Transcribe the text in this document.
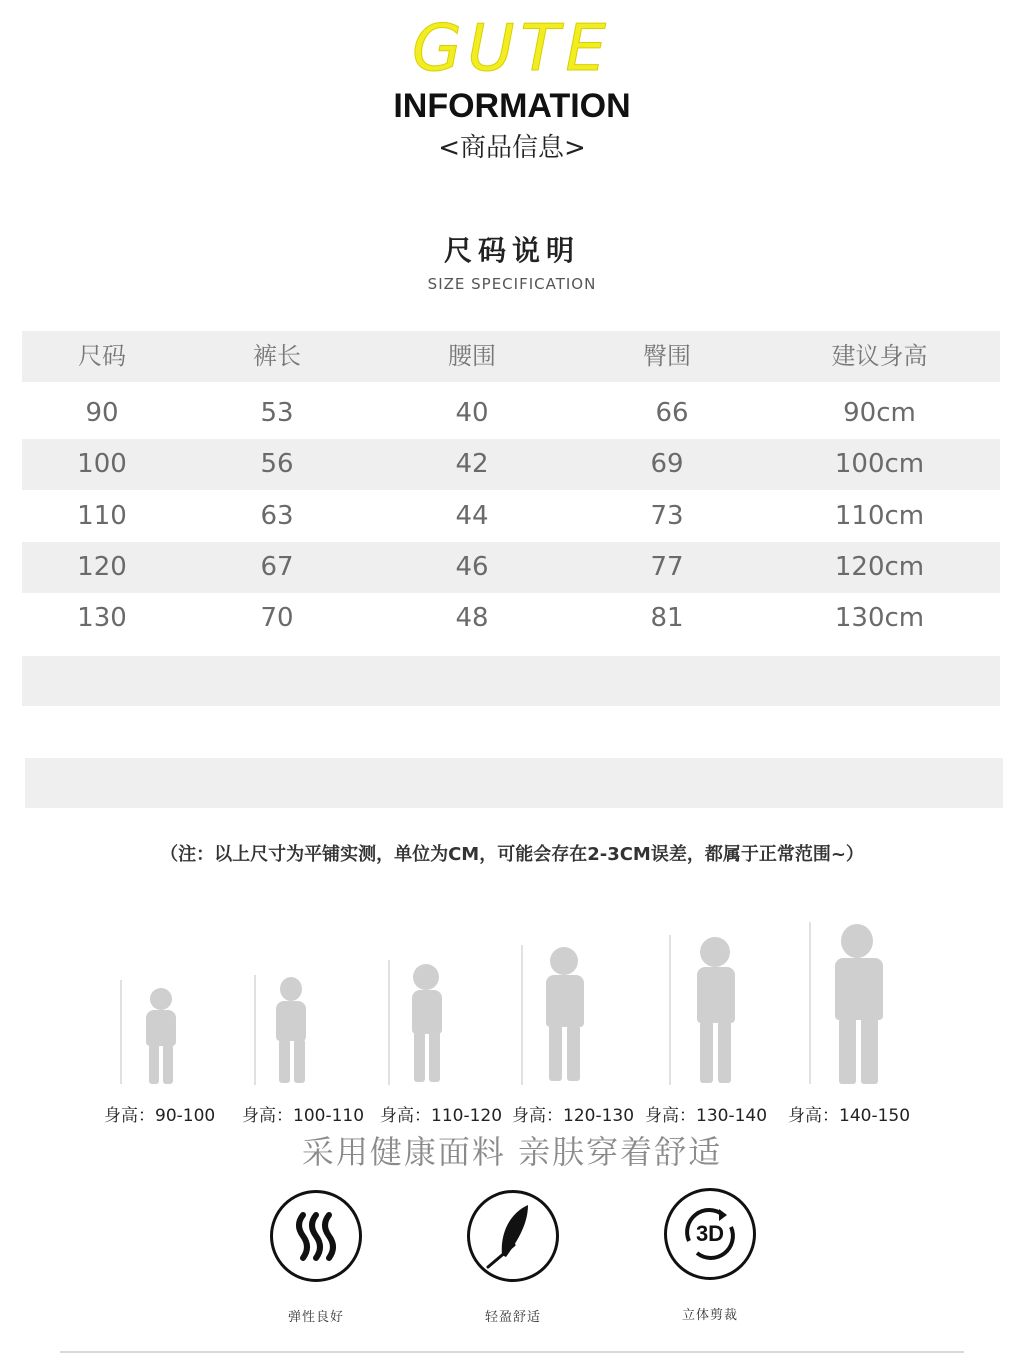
GUTE
INFORMATION
<商品信息>
尺码说明
SIZE SPECIFICATION
尺码	裤长	腰围	臀围	建议身高
90	53	40	66	90cm
100	56	42	69	100cm
110	63	44	73	110cm
120	67	46	77	120cm
130	70	48	81	130cm
（注：以上尺寸为平铺实测，单位为CM，可能会存在2-3CM误差，都属于正常范围~）
身高：90-100 身高：100-110 身高：110-120 身高：120-130 身高：130-140 身高：140-150
采用健康面料 亲肤穿着舒适
弹性良好	轻盈舒适
3D
立体剪裁
